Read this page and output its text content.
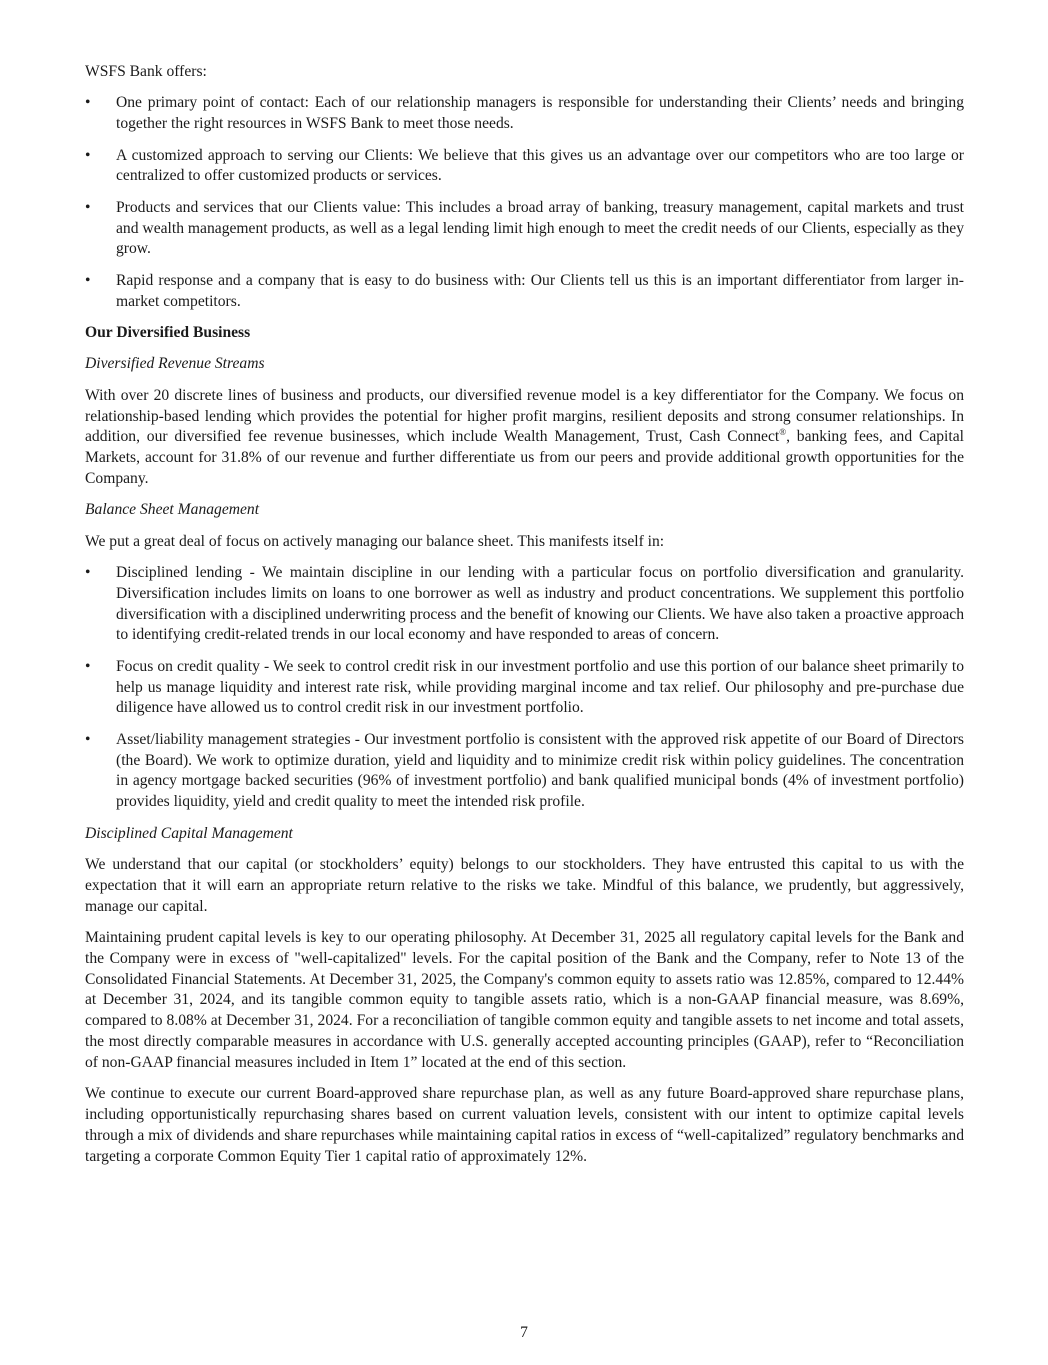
WSFS Bank offers:

• One primary point of contact: Each of our relationship managers is responsible for understanding their Clients’ needs and bringing together the right resources in WSFS Bank to meet those needs.
• A customized approach to serving our Clients: We believe that this gives us an advantage over our competitors who are too large or centralized to offer customized products or services.
• Products and services that our Clients value: This includes a broad array of banking, treasury management, capital markets and trust and wealth management products, as well as a legal lending limit high enough to meet the credit needs of our Clients, especially as they grow.
• Rapid response and a company that is easy to do business with: Our Clients tell us this is an important differentiator from larger in-market competitors.

Our Diversified Business

Diversified Revenue Streams

With over 20 discrete lines of business and products, our diversified revenue model is a key differentiator for the Company. We focus on relationship-based lending which provides the potential for higher profit margins, resilient deposits and strong consumer relationships. In addition, our diversified fee revenue businesses, which include Wealth Management, Trust, Cash Connect®, banking fees, and Capital Markets, account for 31.8% of our revenue and further differentiate us from our peers and provide additional growth opportunities for the Company.

Balance Sheet Management

We put a great deal of focus on actively managing our balance sheet. This manifests itself in:

• Disciplined lending - We maintain discipline in our lending with a particular focus on portfolio diversification and granularity. Diversification includes limits on loans to one borrower as well as industry and product concentrations. We supplement this portfolio diversification with a disciplined underwriting process and the benefit of knowing our Clients. We have also taken a proactive approach to identifying credit-related trends in our local economy and have responded to areas of concern.
• Focus on credit quality - We seek to control credit risk in our investment portfolio and use this portion of our balance sheet primarily to help us manage liquidity and interest rate risk, while providing marginal income and tax relief. Our philosophy and pre-purchase due diligence have allowed us to control credit risk in our investment portfolio.
• Asset/liability management strategies - Our investment portfolio is consistent with the approved risk appetite of our Board of Directors (the Board). We work to optimize duration, yield and liquidity and to minimize credit risk within policy guidelines. The concentration in agency mortgage backed securities (96% of investment portfolio) and bank qualified municipal bonds (4% of investment portfolio) provides liquidity, yield and credit quality to meet the intended risk profile.

Disciplined Capital Management

We understand that our capital (or stockholders’ equity) belongs to our stockholders. They have entrusted this capital to us with the expectation that it will earn an appropriate return relative to the risks we take. Mindful of this balance, we prudently, but aggressively, manage our capital.

Maintaining prudent capital levels is key to our operating philosophy. At December 31, 2025 all regulatory capital levels for the Bank and the Company were in excess of "well-capitalized" levels. For the capital position of the Bank and the Company, refer to Note 13 of the Consolidated Financial Statements. At December 31, 2025, the Company's common equity to assets ratio was 12.85%, compared to 12.44% at December 31, 2024, and its tangible common equity to tangible assets ratio, which is a non-GAAP financial measure, was 8.69%, compared to 8.08% at December 31, 2024. For a reconciliation of tangible common equity and tangible assets to net income and total assets, the most directly comparable measures in accordance with U.S. generally accepted accounting principles (GAAP), refer to “Reconciliation of non-GAAP financial measures included in Item 1” located at the end of this section.

We continue to execute our current Board-approved share repurchase plan, as well as any future Board-approved share repurchase plans, including opportunistically repurchasing shares based on current valuation levels, consistent with our intent to optimize capital levels through a mix of dividends and share repurchases while maintaining capital ratios in excess of “well-capitalized” regulatory benchmarks and targeting a corporate Common Equity Tier 1 capital ratio of approximately 12%.

7
